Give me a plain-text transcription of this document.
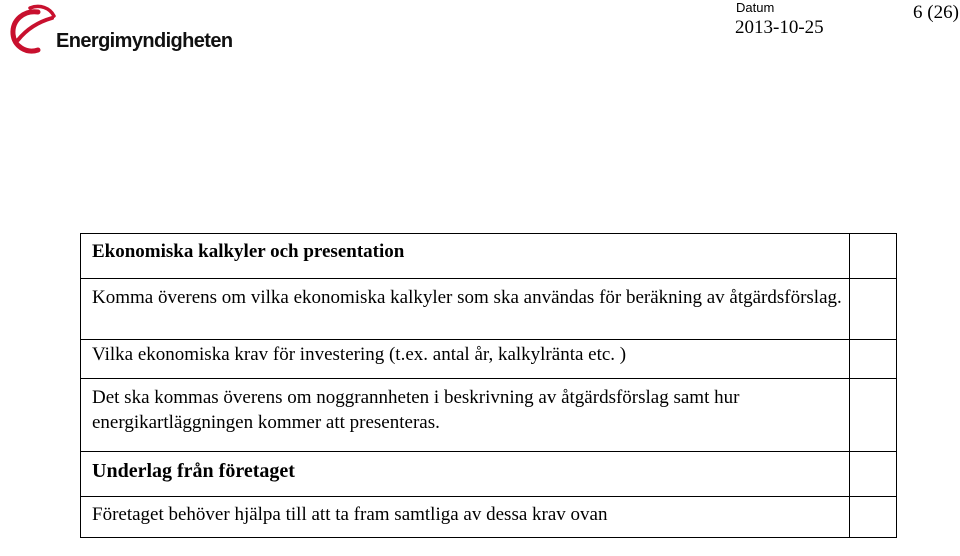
Energimyndigheten
Datum
2013-10-25
6 (26)
Ekonomiska kalkyler och presentation	
Komma överens om vilka ekonomiska kalkyler som ska användas för beräkning av åtgärdsförslag.	
Vilka ekonomiska krav för investering (t.ex. antal år, kalkylränta etc. )	
Det ska kommas överens om noggrannheten i beskrivning av åtgärdsförslag samt hur energikartläggningen kommer att presenteras.	
Underlag från företaget	
Företaget behöver hjälpa till att ta fram samtliga av dessa krav ovan	
